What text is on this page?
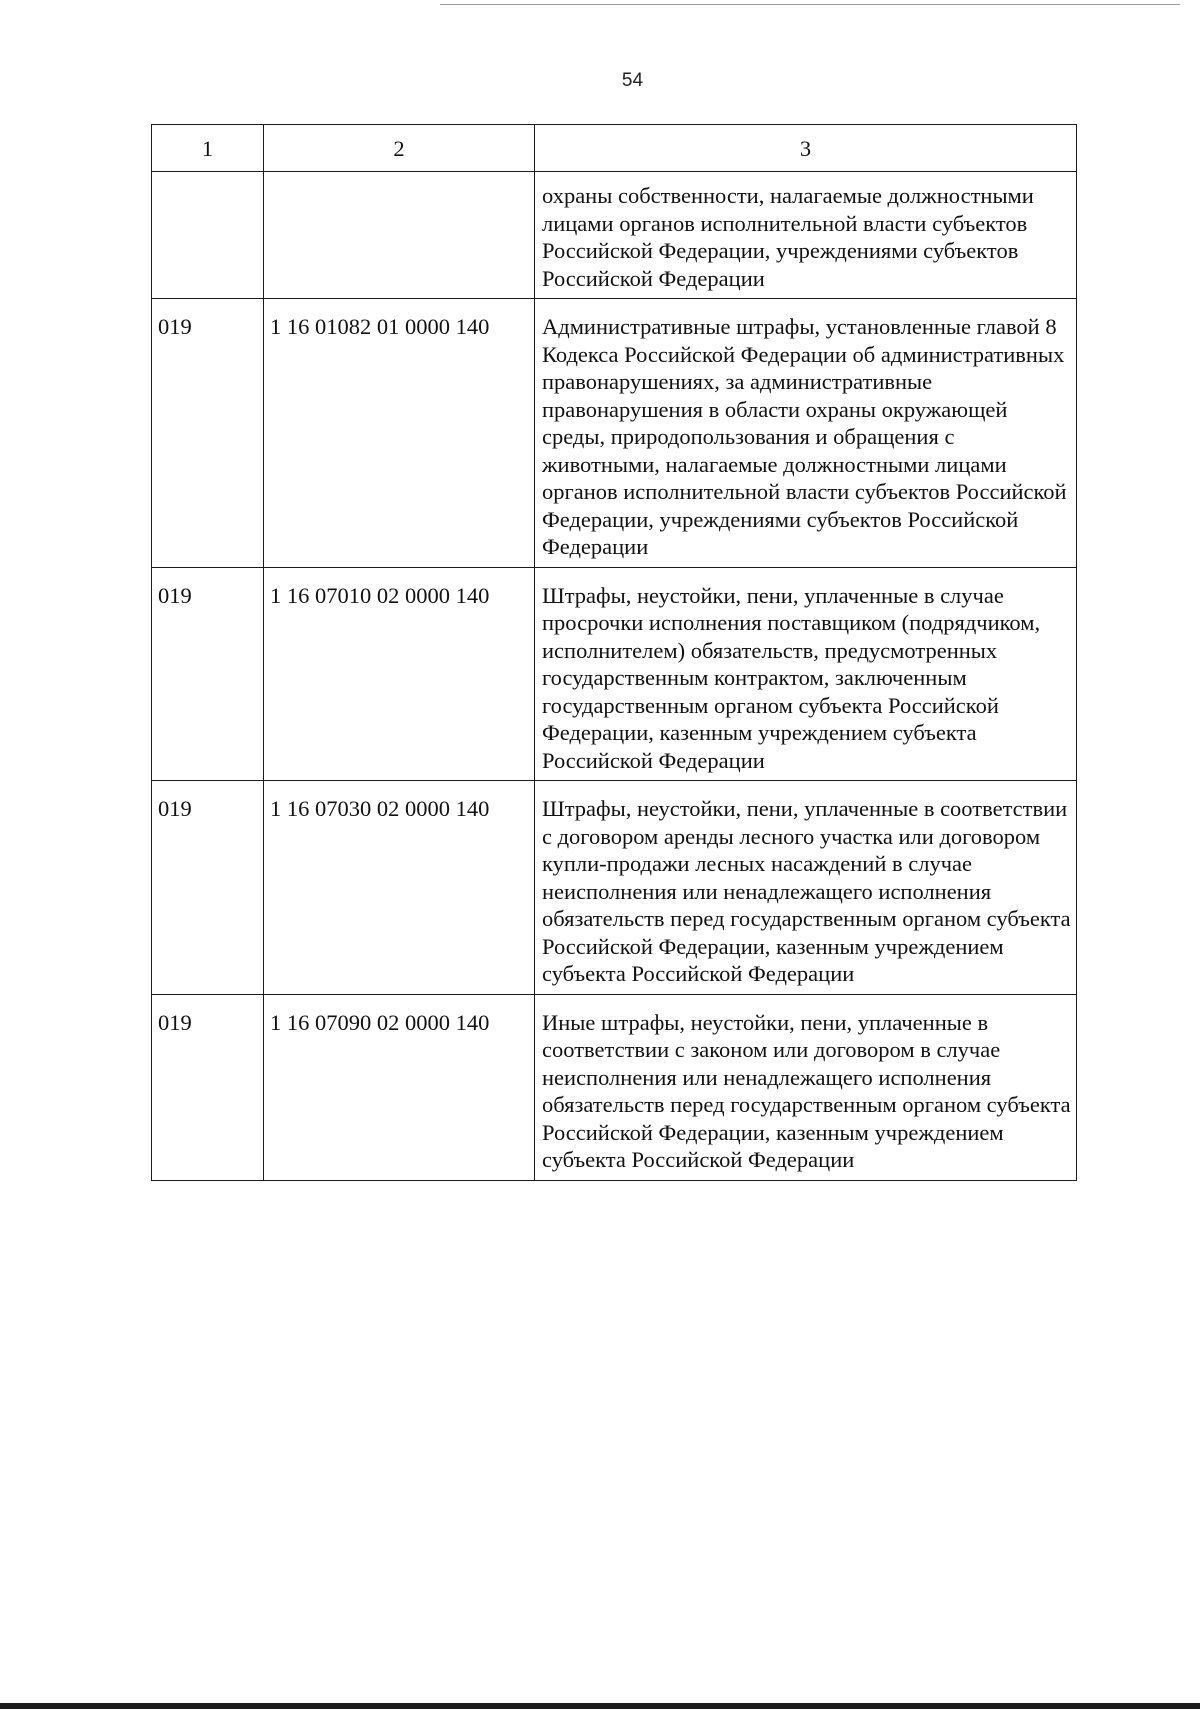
54
1	2	3
		охраны собственности, налагаемые должностными лицами органов исполнительной власти субъектов Российской Федерации, учреждениями субъектов Российской Федерации
019	1 16 01082 01 0000 140	Административные штрафы, установленные главой 8 Кодекса Российской Федерации об административных правонарушениях, за административные правонарушения в области охраны окружающей среды, природопользования и обращения с животными, налагаемые должностными лицами органов исполнительной власти субъектов Российской Федерации, учреждениями субъектов Российской Федерации
019	1 16 07010 02 0000 140	Штрафы, неустойки, пени, уплаченные в случае просрочки исполнения поставщиком (подрядчиком, исполнителем) обязательств, предусмотренных государственным контрактом, заключенным государственным органом субъекта Российской Федерации, казенным учреждением субъекта Российской Федерации
019	1 16 07030 02 0000 140	Штрафы, неустойки, пени, уплаченные в соответствии с договором аренды лесного участка или договором купли-продажи лесных насаждений в случае неисполнения или ненадлежащего исполнения обязательств перед государственным органом субъекта Российской Федерации, казенным учреждением субъекта Российской Федерации
019	1 16 07090 02 0000 140	Иные штрафы, неустойки, пени, уплаченные в соответствии с законом или договором в случае неисполнения или ненадлежащего исполнения обязательств перед государственным органом субъекта Российской Федерации, казенным учреждением субъекта Российской Федерации
